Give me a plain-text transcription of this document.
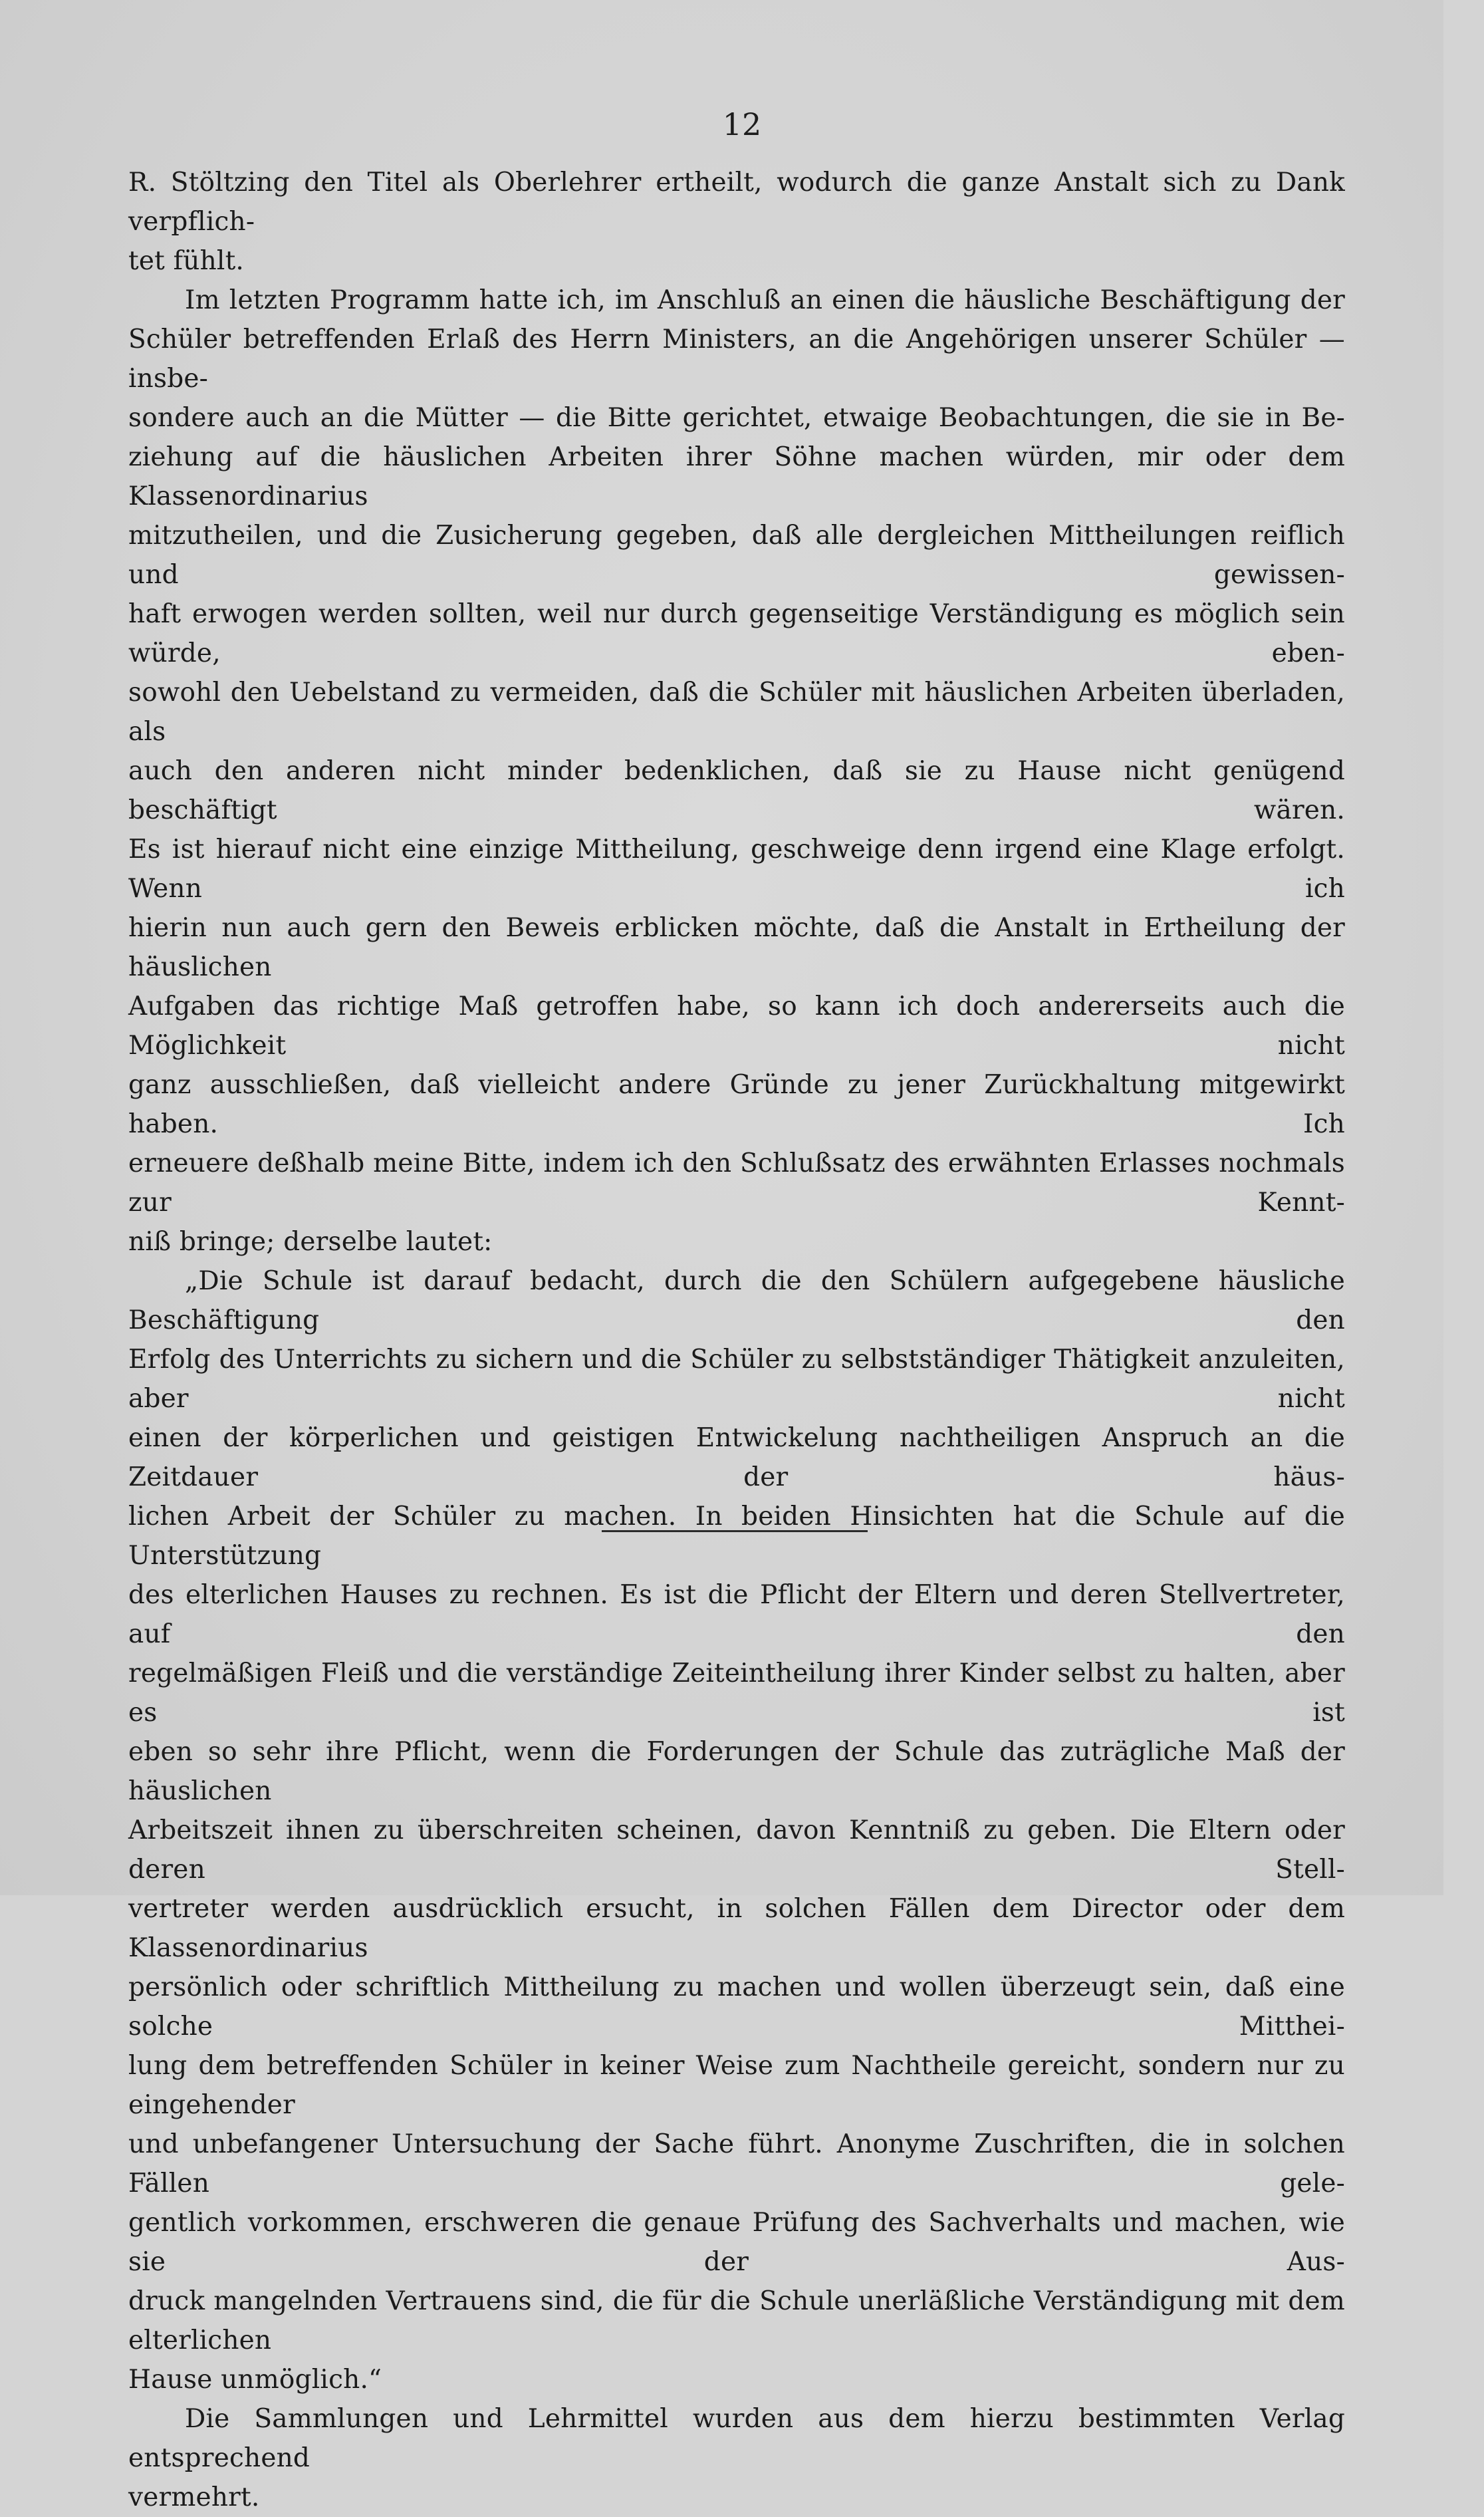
12

R. Stöltzing den Titel als Oberlehrer ertheilt, wodurch die ganze Anstalt sich zu Dank verpflich-

tet fühlt.

Im letzten Programm hatte ich, im Anschluß an einen die häusliche Beschäftigung der

Schüler betreffenden Erlaß des Herrn Ministers, an die Angehörigen unserer Schüler — insbe-

sondere auch an die Mütter — die Bitte gerichtet, etwaige Beobachtungen, die sie in Be-

ziehung auf die häuslichen Arbeiten ihrer Söhne machen würden, mir oder dem Klassenordinarius

mitzutheilen, und die Zusicherung gegeben, daß alle dergleichen Mittheilungen reiflich und gewissen-

haft erwogen werden sollten, weil nur durch gegenseitige Verständigung es möglich sein würde, eben-

sowohl den Uebelstand zu vermeiden, daß die Schüler mit häuslichen Arbeiten überladen, als

auch den anderen nicht minder bedenklichen, daß sie zu Hause nicht genügend beschäftigt wären.

Es ist hierauf nicht eine einzige Mittheilung, geschweige denn irgend eine Klage erfolgt. Wenn ich

hierin nun auch gern den Beweis erblicken möchte, daß die Anstalt in Ertheilung der häuslichen

Aufgaben das richtige Maß getroffen habe, so kann ich doch andererseits auch die Möglichkeit nicht

ganz ausschließen, daß vielleicht andere Gründe zu jener Zurückhaltung mitgewirkt haben. Ich

erneuere deßhalb meine Bitte, indem ich den Schlußsatz des erwähnten Erlasses nochmals zur Kennt-

niß bringe; derselbe lautet:

„Die Schule ist darauf bedacht, durch die den Schülern aufgegebene häusliche Beschäftigung den

Erfolg des Unterrichts zu sichern und die Schüler zu selbstständiger Thätigkeit anzuleiten, aber nicht

einen der körperlichen und geistigen Entwickelung nachtheiligen Anspruch an die Zeitdauer der häus-

lichen Arbeit der Schüler zu machen. In beiden Hinsichten hat die Schule auf die Unterstützung

des elterlichen Hauses zu rechnen. Es ist die Pflicht der Eltern und deren Stellvertreter, auf den

regelmäßigen Fleiß und die verständige Zeiteintheilung ihrer Kinder selbst zu halten, aber es ist

eben so sehr ihre Pflicht, wenn die Forderungen der Schule das zuträgliche Maß der häuslichen

Arbeitszeit ihnen zu überschreiten scheinen, davon Kenntniß zu geben. Die Eltern oder deren Stell-

vertreter werden ausdrücklich ersucht, in solchen Fällen dem Director oder dem Klassenordinarius

persönlich oder schriftlich Mittheilung zu machen und wollen überzeugt sein, daß eine solche Mitthei-

lung dem betreffenden Schüler in keiner Weise zum Nachtheile gereicht, sondern nur zu eingehender

und unbefangener Untersuchung der Sache führt. Anonyme Zuschriften, die in solchen Fällen gele-

gentlich vorkommen, erschweren die genaue Prüfung des Sachverhalts und machen, wie sie der Aus-

druck mangelnden Vertrauens sind, die für die Schule unerläßliche Verständigung mit dem elterlichen

Hause unmöglich.“

Die Sammlungen und Lehrmittel wurden aus dem hierzu bestimmten Verlag entsprechend

vermehrt.
